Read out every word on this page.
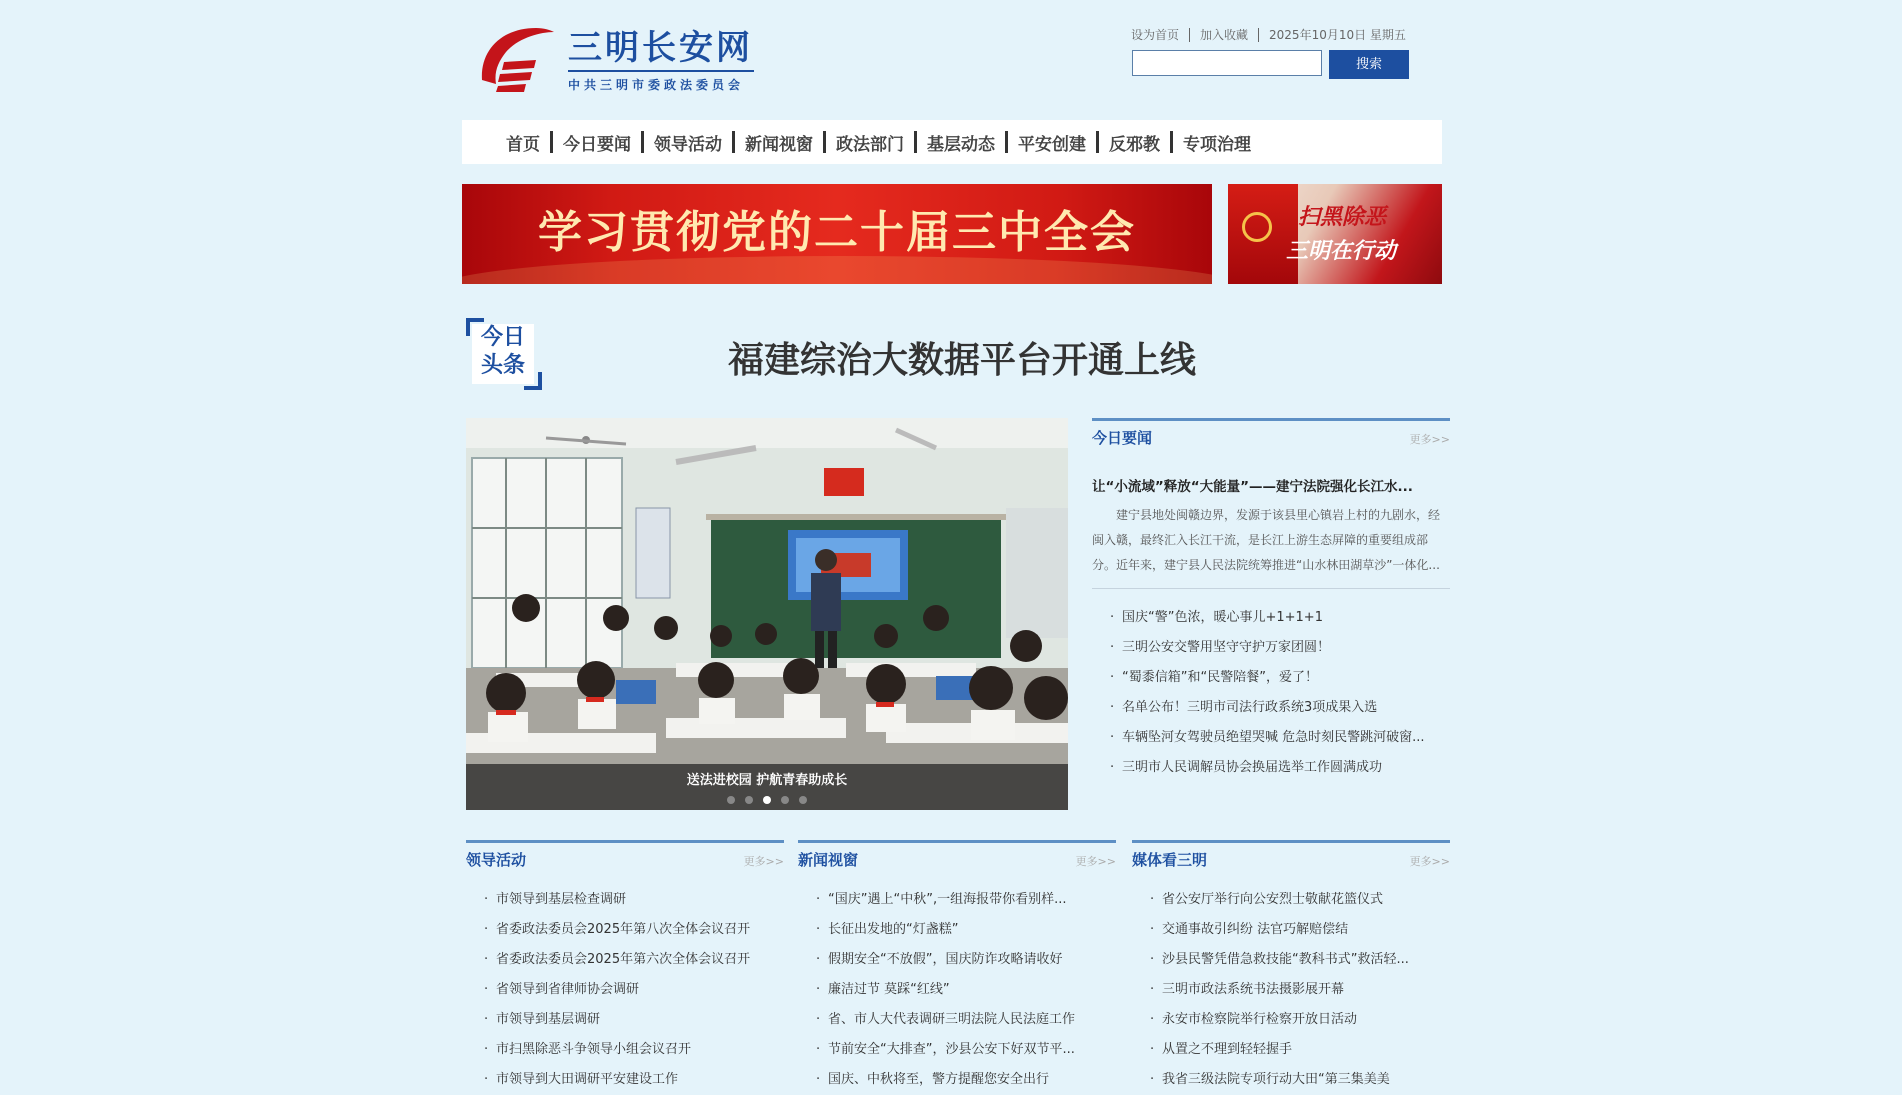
三明长安网
中共三明市委政法委员会
设为首页 加入收藏 2025年10月10日 星期五
搜索
首页	今日要闻	领导活动	新闻视窗	政法部门	基层动态	平安创建	反邪教	专项治理
学习贯彻党的二十届三中全会	扫黑除恶
三明在行动
今日
头条	福建综治大数据平台开通上线
送法进校园 护航青春助成长
今日要闻	更多>>
让“小流域”释放“大能量”——建宁法院强化长江水...
建宁县地处闽赣边界，发源于该县里心镇岩上村的九剧水，经闽入赣，最终汇入长江干流，是长江上游生态屏障的重要组成部分。近年来，建宁县人民法院统筹推进“山水林田湖草沙”一体化...
· 国庆“警”色浓，暖心事儿+1+1+1
· 三明公安交警用坚守守护万家团圆！
· “蜀黍信箱”和“民警陪餐”，爱了！
· 名单公布！三明市司法行政系统3项成果入选
· 车辆坠河女驾驶员绝望哭喊 危急时刻民警跳河破窗...
· 三明市人民调解员协会换届选举工作圆满成功
领导活动	更多>>
· 市领导到基层检查调研
· 省委政法委员会2025年第八次全体会议召开
· 省委政法委员会2025年第六次全体会议召开
· 省领导到省律师协会调研
· 市领导到基层调研
· 市扫黑除恶斗争领导小组会议召开
· 市领导到大田调研平安建设工作
新闻视窗	更多>>
· “国庆”遇上“中秋”,一组海报带你看别样...
· 长征出发地的“灯盏糕”
· 假期安全“不放假”，国庆防诈攻略请收好
· 廉洁过节 莫踩“红线”
· 省、市人大代表调研三明法院人民法庭工作
· 节前安全“大排查”，沙县公安下好双节平...
· 国庆、中秋将至，警方提醒您安全出行
媒体看三明	更多>>
· 省公安厅举行向公安烈士敬献花篮仪式
· 交通事故引纠纷 法官巧解赔偿结
· 沙县民警凭借急救技能“教科书式”救活轻...
· 三明市政法系统书法摄影展开幕
· 永安市检察院举行检察开放日活动
· 从置之不理到轻轻握手
· 我省三级法院专项行动大田“第三集美美
